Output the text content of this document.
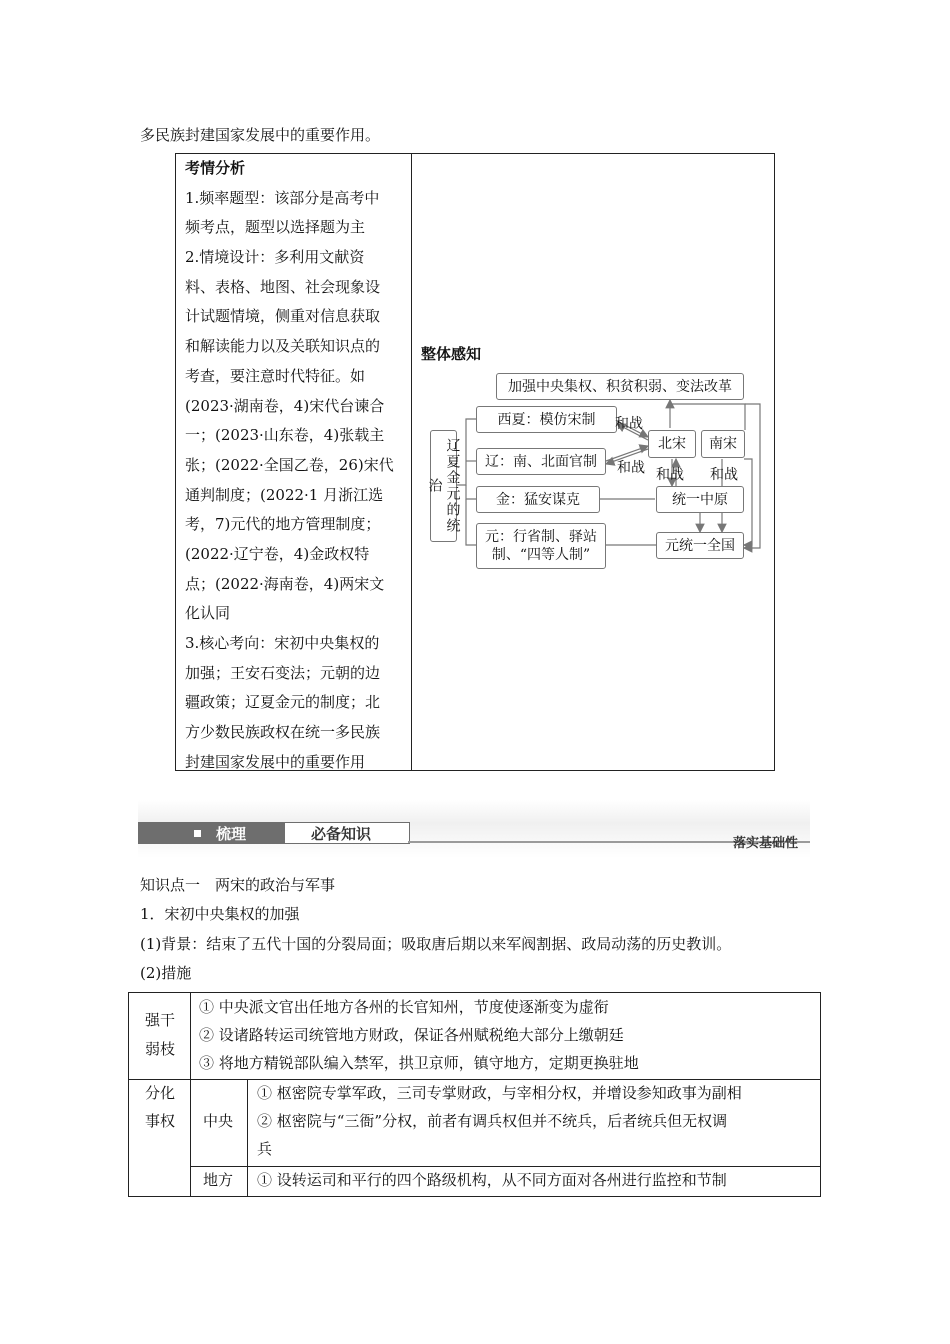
多民族封建国家发展中的重要作用。
考情分析
1.频率题型：该部分是高考中
频考点，题型以选择题为主
2.情境设计：多利用文献资
料、表格、地图、社会现象设
计试题情境，侧重对信息获取
和解读能力以及关联知识点的
考查，要注意时代特征。如
(2023·湖南卷，4)宋代台谏合
一；(2023·山东卷，4)张载主
张；(2022·全国乙卷，26)宋代
通判制度；(2022·1 月浙江选
考，7)元代的地方管理制度；
(2022·辽宁卷，4)金政权特
点；(2022·海南卷，4)两宋文
化认同
3.核心考向：宋初中央集权的
加强；王安石变法；元朝的边
疆政策；辽夏金元的制度；北
方少数民族政权在统一多民族
封建国家发展中的重要作用
整体感知
加强中央集权、积贫积弱、变法改革
辽夏金元的统治
西夏：模仿宋制
辽：南、北面官制
金：猛安谋克
元：行省制、驿站
制、“四等人制”
北宋	南宋
统一中原
元统一全国
和战
和战 和战 和战
梳理	必备知识
落实基础性
知识点一　两宋的政治与军事
1．宋初中央集权的加强
(1)背景：结束了五代十国的分裂局面；吸取唐后期以来军阀割据、政局动荡的历史教训。
(2)措施
强干
弱枝
① 中央派文官出任地方各州的长官知州，节度使逐渐变为虚衔
② 设诸路转运司统管地方财政，保证各州赋税绝大部分上缴朝廷
③ 将地方精锐部队编入禁军，拱卫京师，镇守地方，定期更换驻地
分化
事权 中央
① 枢密院专掌军政，三司专掌财政，与宰相分权，并增设参知政事为副相
② 枢密院与“三衙”分权，前者有调兵权但并不统兵，后者统兵但无权调
兵
地方 ① 设转运司和平行的四个路级机构，从不同方面对各州进行监控和节制
